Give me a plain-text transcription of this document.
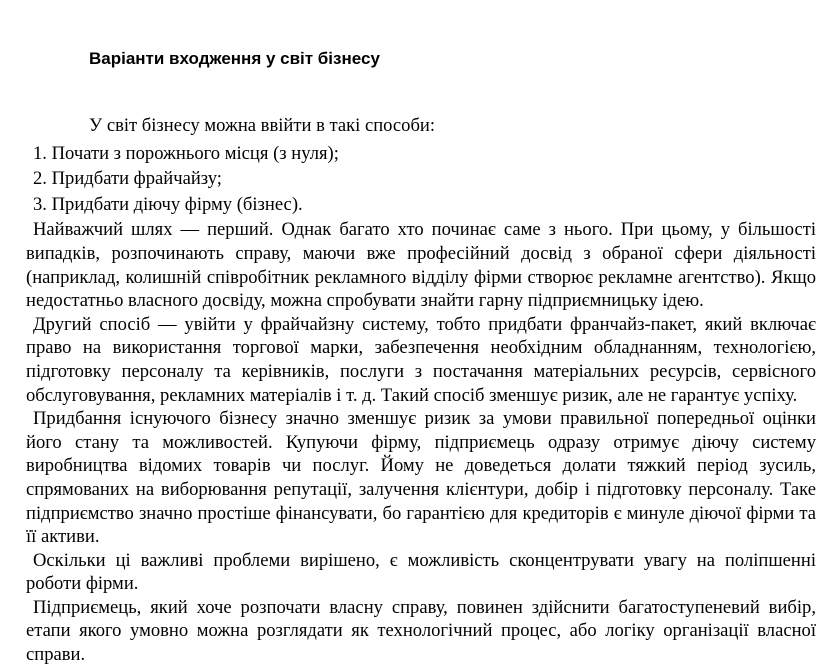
Варіанти входження у світ бізнесу

У світ бізнесу можна ввійти в такі способи:

1. Почати з порожнього місця (з нуля);

2. Придбати фрайчайзу;

3. Придбати діючу фірму (бізнес).

Найважчий шлях — перший. Однак багато хто починає саме з нього. При цьому, у більшості випадків, розпочинають справу, маючи вже професійний досвід з обраної сфери діяльності (наприклад, колишній співробітник рекламного відділу фірми створює рекламне агентство). Якщо недостатньо власного досвіду, можна спробувати знайти гарну підприємницьку ідею.

Другий спосіб — увійти у фрайчайзну систему, тобто придбати франчайз-пакет, який включає право на використання торгової марки, забезпечення необхідним обладнанням, технологією, підготовку персоналу та керівників, послуги з постачання матеріальних ресурсів, сервісного обслуговування, рекламних матеріалів і т. д. Такий спосіб зменшує ризик, але не гарантує успіху.

Придбання існуючого бізнесу значно зменшує ризик за умови правильної попередньої оцінки його стану та можливостей. Купуючи фірму, підприємець одразу отримує діючу систему виробництва відомих товарів чи послуг. Йому не доведеться долати тяжкий період зусиль, спрямованих на виборювання репутації, залучення клієнтури, добір і підготовку персоналу. Таке підприємство значно простіше фінансувати, бо гарантією для кредиторів є минуле діючої фірми та її активи.

Оскільки ці важливі проблеми вирішено, є можливість сконцентрувати увагу на поліпшенні роботи фірми.

Підприємець, який хоче розпочати власну справу, повинен здійснити багатоступеневий вибір, етапи якого умовно можна розглядати як технологічний процес, або логіку організації власної справи.
